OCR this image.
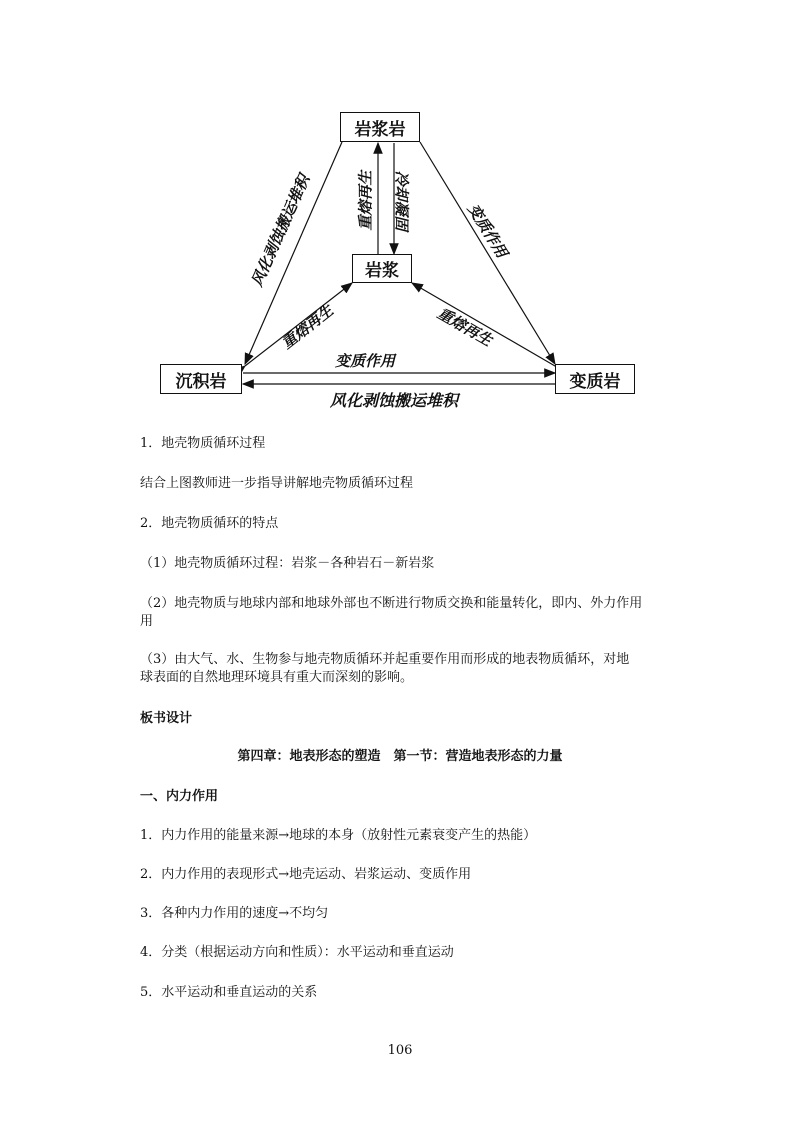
岩浆岩
岩浆
沉积岩	变质岩
风化剥蚀搬运堆积	重熔再生 冷却凝固
变质作用
重熔再生	重熔再生
变质作用
风化剥蚀搬运堆积
1．地壳物质循环过程
结合上图教师进一步指导讲解地壳物质循环过程
2．地壳物质循环的特点
（1）地壳物质循环过程：岩浆－各种岩石－新岩浆
（2）地壳物质与地球内部和地球外部也不断进行物质交换和能量转化，即内、外力作用
用
（3）由大气、水、生物参与地壳物质循环并起重要作用而形成的地表物质循环，对地
球表面的自然地理环境具有重大而深刻的影响。
板书设计
第四章：地表形态的塑造　第一节：营造地表形态的力量
一、内力作用
1．内力作用的能量来源→地球的本身（放射性元素衰变产生的热能）
2．内力作用的表现形式→地壳运动、岩浆运动、变质作用
3．各种内力作用的速度→不均匀
4．分类（根据运动方向和性质）：水平运动和垂直运动
5．水平运动和垂直运动的关系
106
